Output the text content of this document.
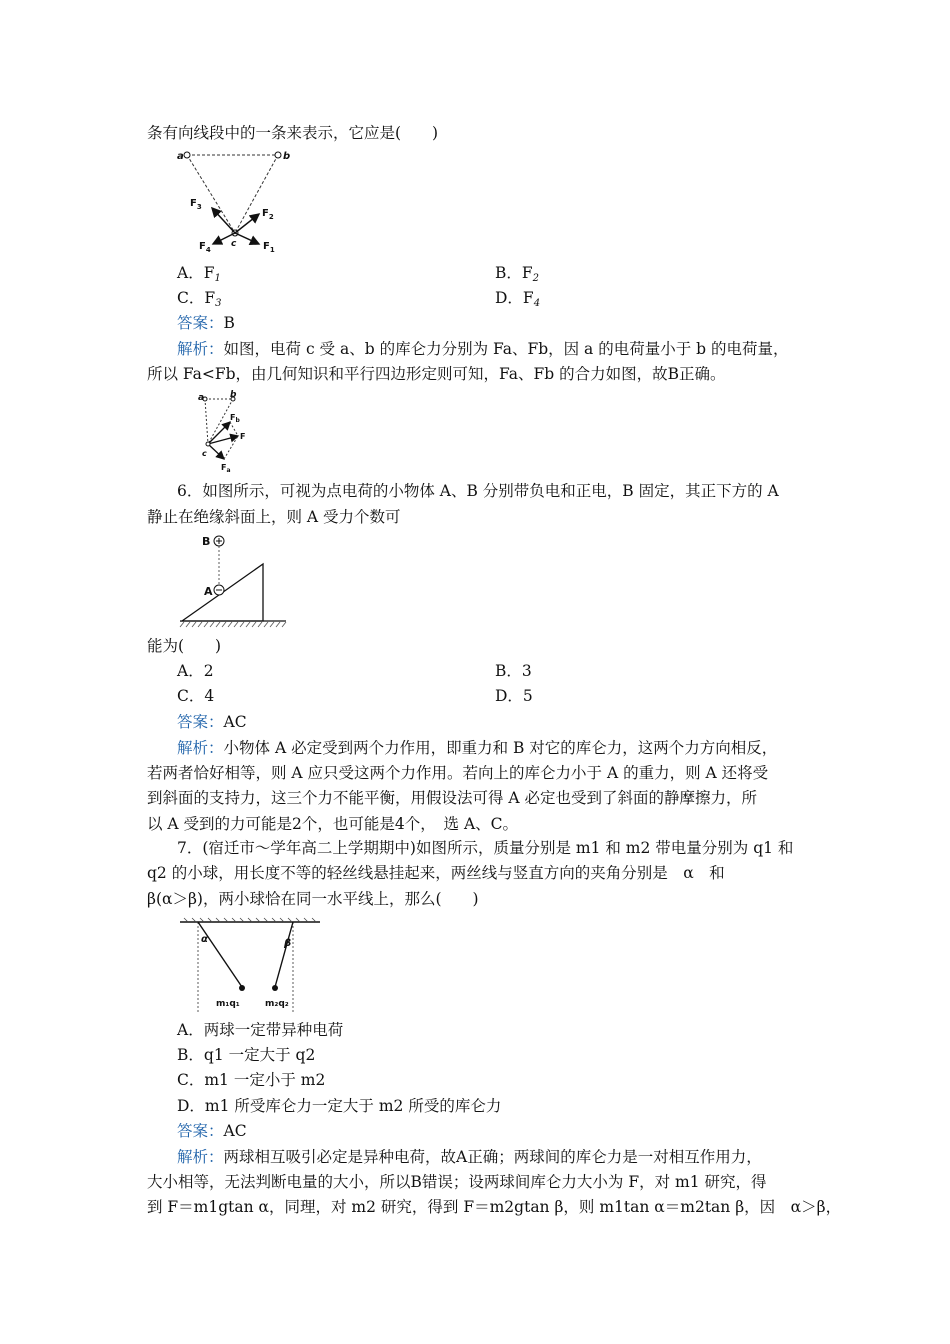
条有向线段中的一条来表示，它应是(　　)
a	b
c
$F_3$
$F_2$
$F_4$	$F_1$
A．$F_1$	B．$F_2$
C．$F_3$	D．$F_4$
答案：B
解析：如图，电荷 c 受 a、b 的库仑力分别为 Fa、Fb，因 a 的电荷量小于 b 的电荷量，
所以 Fa<Fb，由几何知识和平行四边形定则可知，Fa、Fb 的合力如图，故B正确。
a	b
c
$F_b$
F
$F_a$
6．如图所示，可视为点电荷的小物体 A、B 分别带负电和正电，B 固定，其正下方的 A
静止在绝缘斜面上，则 A 受力个数可
B
A
能为(　　)
A．2	B．3
C．4	D．5
答案：AC
解析：小物体 A 必定受到两个力作用，即重力和 B 对它的库仑力，这两个力方向相反，
若两者恰好相等，则 A 应只受这两个力作用。若向上的库仑力小于 A 的重力，则 A 还将受
到斜面的支持力，这三个力不能平衡，用假设法可得 A 必定也受到了斜面的静摩擦力，所
以 A 受到的力可能是2个，也可能是4个，　选 A、C。
7．(宿迁市～学年高二上学期期中)如图所示，质量分别是 m1 和 m2 带电量分别为 q1 和
q2 的小球，用长度不等的轻丝线悬挂起来，两丝线与竖直方向的夹角分别是　α　和
β(α＞β)，两小球恰在同一水平线上，那么(　　)
α	β
m₁q₁	m₂q₂
A．两球一定带异种电荷
B．q1 一定大于 q2
C．m1 一定小于 m2
D．m1 所受库仑力一定大于 m2 所受的库仑力
答案：AC
解析：两球相互吸引必定是异种电荷，故A正确；两球间的库仑力是一对相互作用力，
大小相等，无法判断电量的大小，所以B错误；设两球间库仑力大小为 F，对 m1 研究，得
到 F＝m1gtan α，同理，对 m2 研究，得到 F＝m2gtan β，则 m1tan α＝m2tan β，因　α＞β，
